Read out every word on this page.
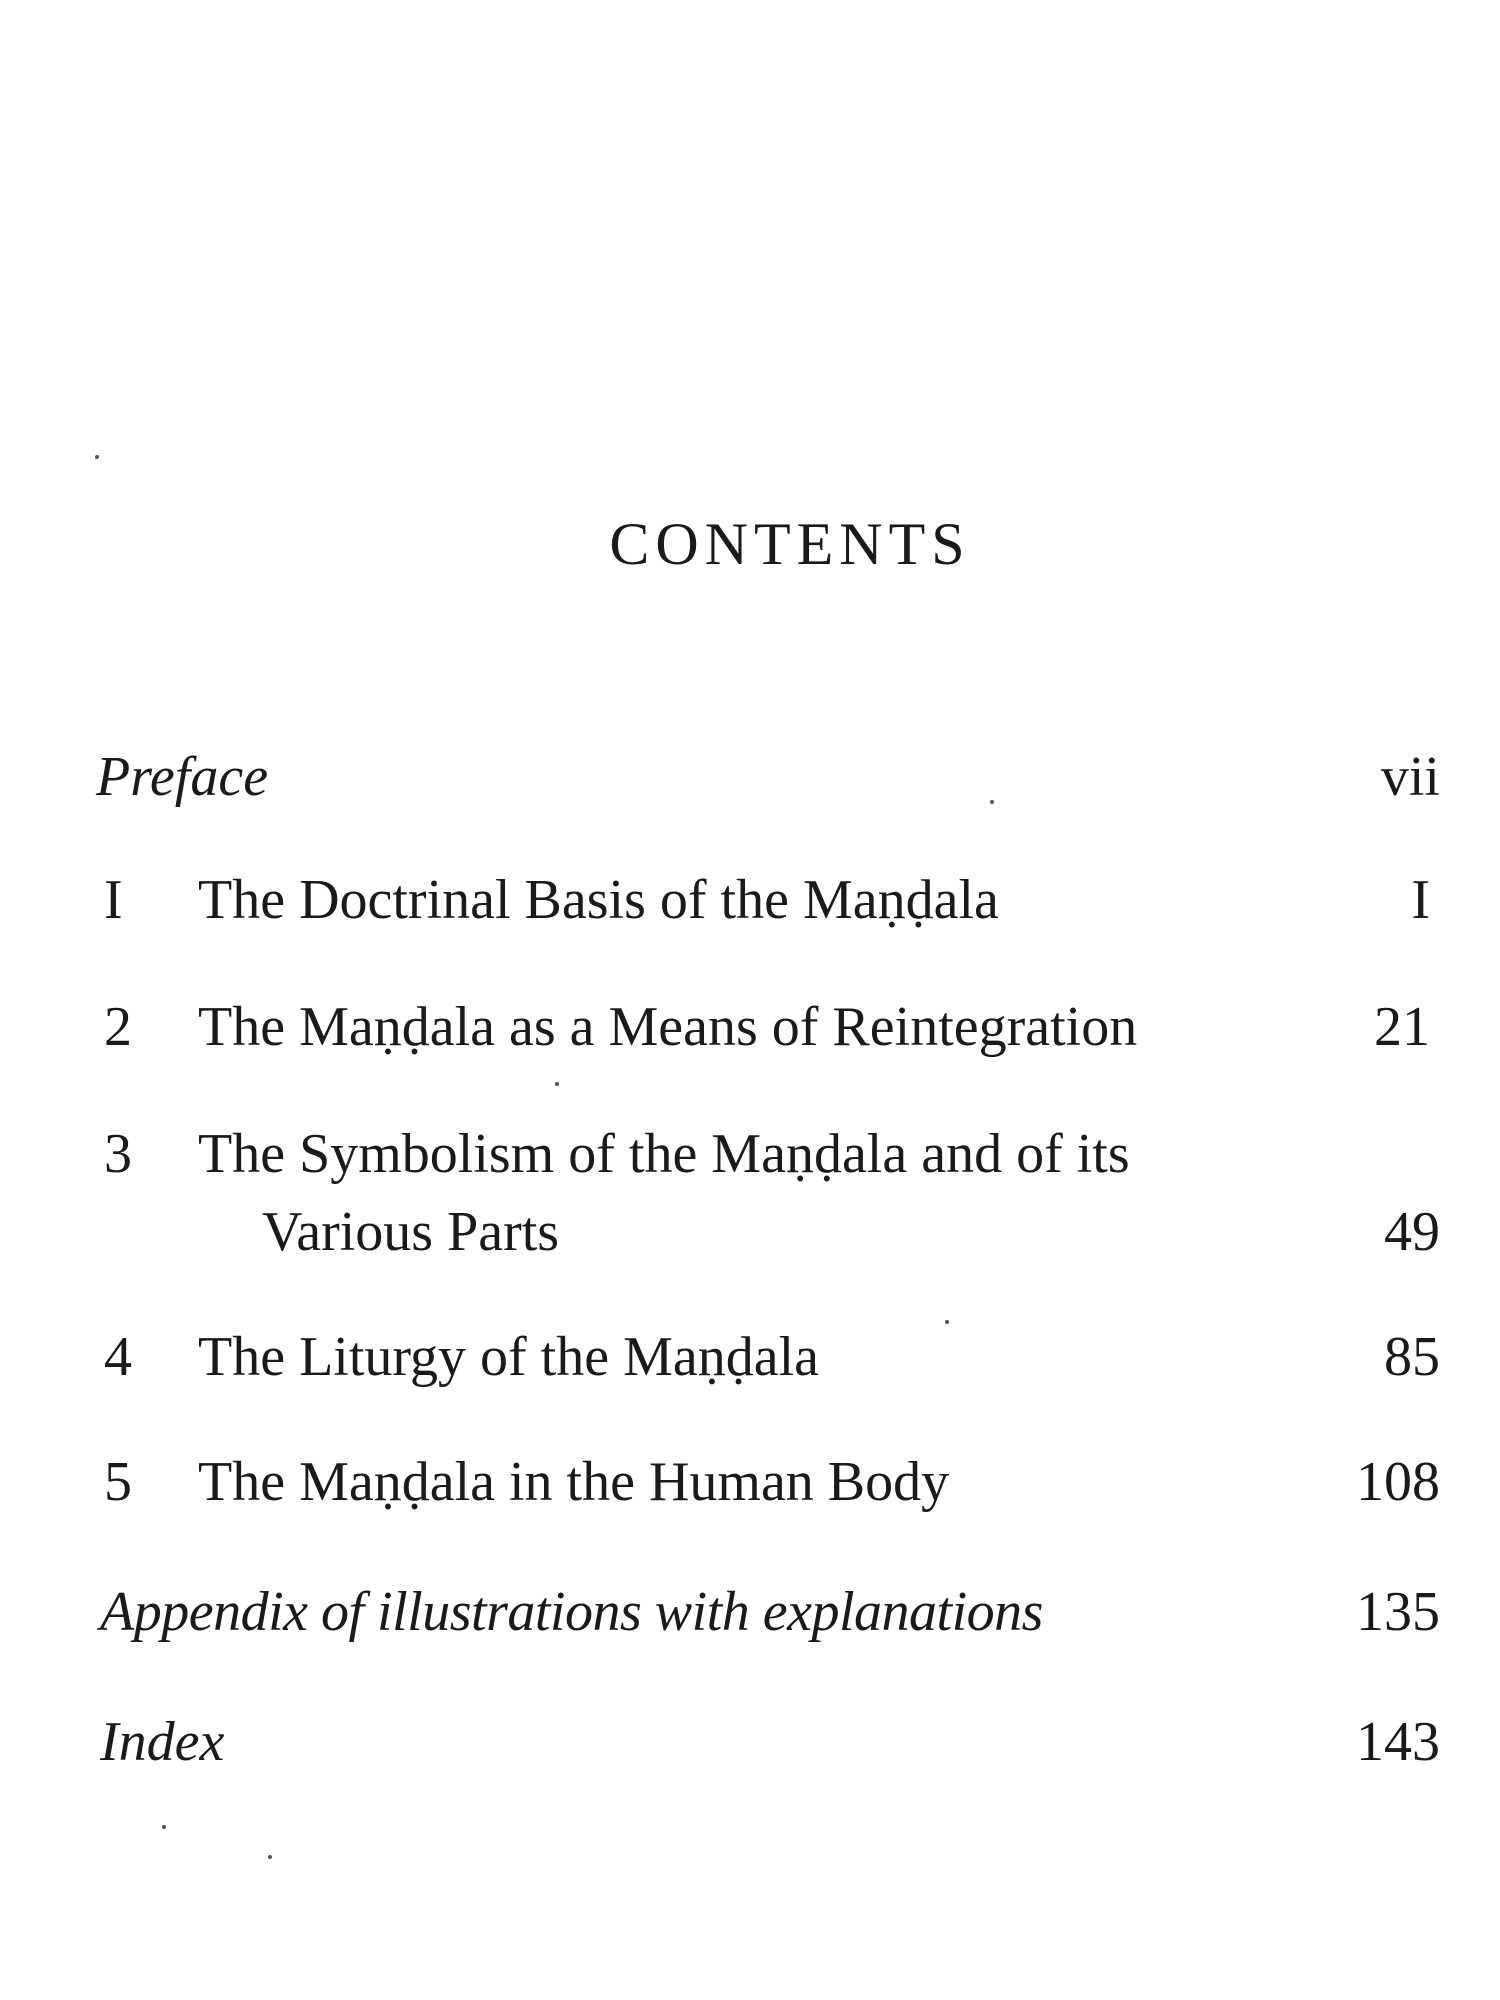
CONTENTS
Preface	vii
I The Doctrinal Basis of the Maṇḍala	I
2 The Maṇḍala as a Means of Reintegration	21
3 The Symbolism of the Maṇḍala and of its
Various Parts	49
4 The Liturgy of the Maṇḍala	85
5 The Maṇḍala in the Human Body	108
Appendix of illustrations with explanations	135
Index	143
